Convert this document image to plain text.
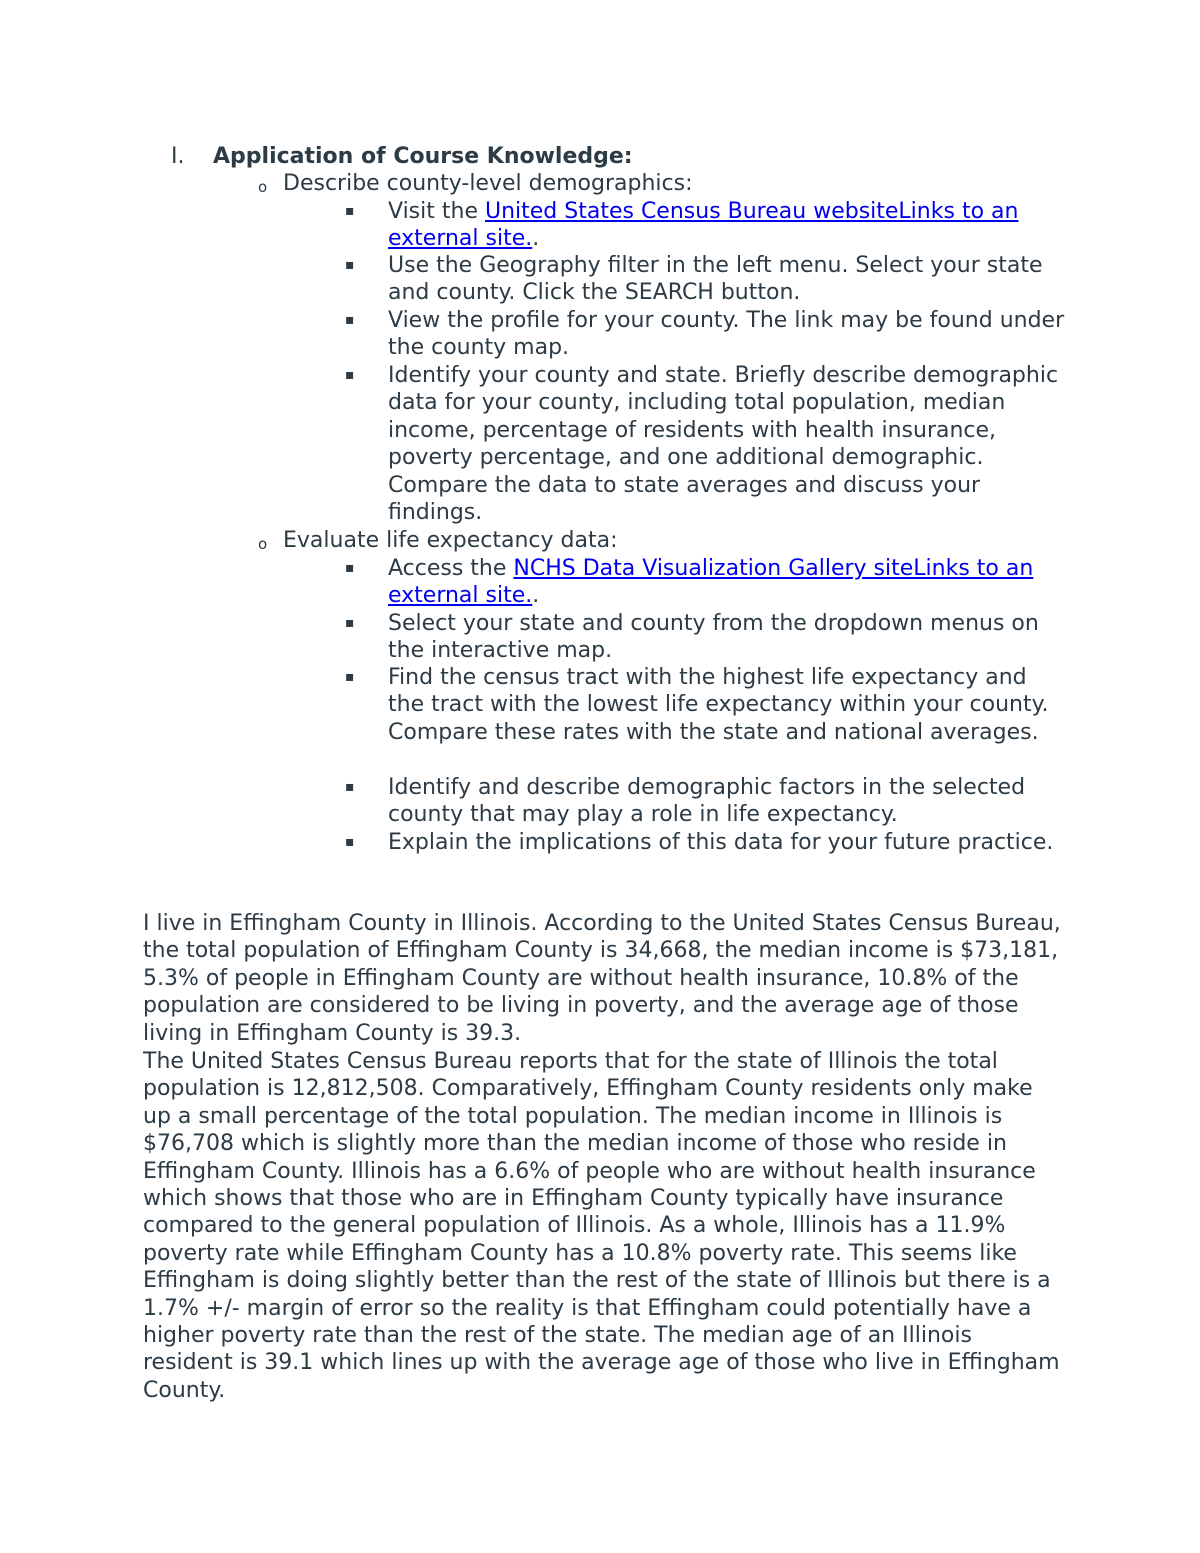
I. Application of Course Knowledge:
o Describe county-level demographics:
▪ Visit the United States Census Bureau websiteLinks to an external site..
▪ Use the Geography filter in the left menu. Select your state and county. Click the SEARCH button.
▪ View the profile for your county. The link may be found under the county map.
▪ Identify your county and state. Briefly describe demographic data for your county, including total population, median income, percentage of residents with health insurance, poverty percentage, and one additional demographic. Compare the data to state averages and discuss your findings.
o Evaluate life expectancy data:
▪ Access the NCHS Data Visualization Gallery siteLinks to an external site..
▪ Select your state and county from the dropdown menus on the interactive map.
▪ Find the census tract with the highest life expectancy and the tract with the lowest life expectancy within your county. Compare these rates with the state and national averages.
▪ Identify and describe demographic factors in the selected county that may play a role in life expectancy.
▪ Explain the implications of this data for your future practice.

I live in Effingham County in Illinois. According to the United States Census Bureau, the total population of Effingham County is 34,668, the median income is $73,181, 5.3% of people in Effingham County are without health insurance, 10.8% of the population are considered to be living in poverty, and the average age of those living in Effingham County is 39.3.

The United States Census Bureau reports that for the state of Illinois the total population is 12,812,508. Comparatively, Effingham County residents only make up a small percentage of the total population. The median income in Illinois is $76,708 which is slightly more than the median income of those who reside in Effingham County. Illinois has a 6.6% of people who are without health insurance which shows that those who are in Effingham County typically have insurance compared to the general population of Illinois. As a whole, Illinois has a 11.9% poverty rate while Effingham County has a 10.8% poverty rate. This seems like Effingham is doing slightly better than the rest of the state of Illinois but there is a 1.7% +/- margin of error so the reality is that Effingham could potentially have a higher poverty rate than the rest of the state. The median age of an Illinois resident is 39.1 which lines up with the average age of those who live in Effingham County.
